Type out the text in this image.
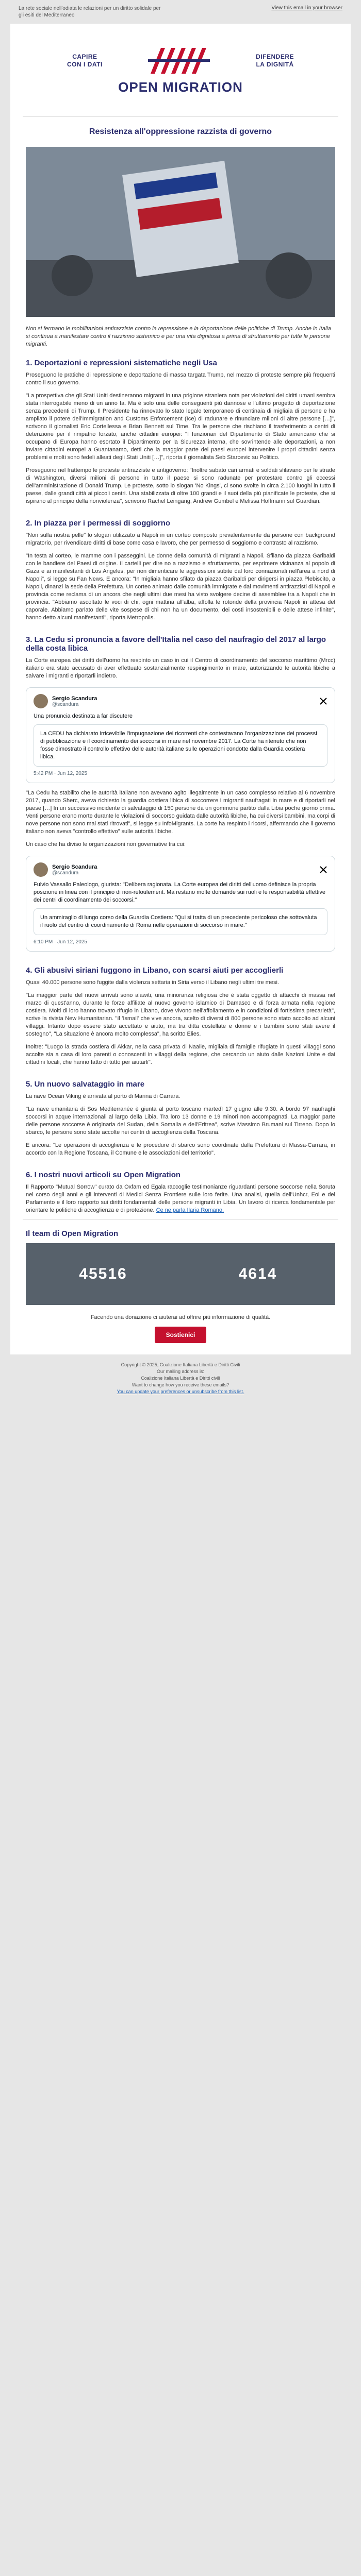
La rete sociale nell'odiata le relazioni per un diritto solidale per gli esiti del Mediterraneo
View this email in your browser
CAPIRE
CON I DATI
DIFENDERE
LA DIGNITÀ
OPEN MIGRATION
Resistenza all'oppressione razzista di governo
Non si fermano le mobilitazioni antirazziste contro la repressione e la deportazione delle politiche di Trump. Anche in Italia si continua a manifestare contro il razzismo sistemico e per una vita dignitosa a prima di sfruttamento per tutte le persone migranti.
1. Deportazioni e repressioni sistematiche negli Usa
Proseguono le pratiche di repressione e deportazione di massa targata Trump, nel mezzo di proteste sempre più frequenti contro il suo governo.
"La prospettiva che gli Stati Uniti destineranno migranti in una prigione straniera nota per violazioni dei diritti umani sembra stata interrogabile meno di un anno fa. Ma è solo una delle conseguenti più dannose e l'ultimo progetto di deportazione senza precedenti di Trump. Il Presidente ha rinnovato lo stato legale temporaneo di centinaia di migliaia di persone e ha ampliato il potere dell'Immigration and Customs Enforcement (Ice) di radunare e rinunciare milioni di altre persone […]", scrivono il giornalisti Eric Cortellessa e Brian Bennett sul Time. Tra le persone che rischiano il trasferimento a centri di detenzione per il rimpatrio forzato, anche cittadini europei: "I funzionari del Dipartimento di Stato americano che si occupano di Europa hanno esortato il Dipartimento per la Sicurezza interna, che sovrintende alle deportazioni, a non inviare cittadini europei a Guantanamo, detti che la maggior parte dei paesi europei intervenire i propri cittadini senza problemi e molti sono fedeli alleati degli Stati Uniti […]", riporta il giornalista Seb Starcevic su Politico.
Proseguono nel frattempo le proteste antirazziste e antigoverno: "Inoltre sabato cari armati e soldati sfilavano per le strade di Washington, diversi milioni di persone in tutto il paese si sono radunate per protestare contro gli eccessi dell'amministrazione di Donald Trump. Le proteste, sotto lo slogan 'No Kings', ci sono svolte in circa 2.100 luoghi in tutto il paese, dalle grandi città ai piccoli centri. Una stabilizzata di oltre 100 grandi e il suoi della più pianificate le proteste, che si ispirano al principio della nonviolenza", scrivono Rachel Leingang, Andrew Gumbel e Melissa Hoffmann sul Guardian.
2. In piazza per i permessi di soggiorno
"Non sulla nostra pelle" lo slogan utilizzato a Napoli in un corteo composto prevalentemente da persone con background migratorio, per rivendicare diritti di base come casa e lavoro, che per permesso di soggiorno e contrasto al razzismo.
"In testa al corteo, le mamme con i passeggini. Le donne della comunità di migranti a Napoli. Sfilano da piazza Garibaldi con le bandiere del Paesi di origine. Il cartelli per dire no a razzismo e sfruttamento, per esprimere vicinanza al popolo di Gaza e ai manifestanti di Los Angeles, per non dimenticare le aggressioni subite dal loro connazionali nell'area a nord di Napoli", si legge su Fan News. E ancora: "In migliaia hanno sfilato da piazza Garibaldi per dirigersi in piazza Plebiscito, a Napoli, dinanzi la sede della Prefettura. Un corteo animato dalle comunità immigrate e dai movimenti antirazzisti di Napoli e provincia come reclama di un ancora che negli ultimi due mesi ha visto svolgere decine di assemblee tra a Napoli che in provincia. "Abbiamo ascoltato le voci di chi, ogni mattina all'alba, affolla le rotonde della provincia Napoli in attesa del caporale. Abbiamo parlato delle vite sospese di chi non ha un documento, dei costi insostenibili e delle attese infinite", hanno detto alcuni manifestanti", riporta Metropolis.
3. La Cedu si pronuncia a favore dell'Italia nel caso del naufragio del 2017 al largo della costa libica
La Corte europea dei diritti dell'uomo ha respinto un caso in cui il Centro di coordinamento del soccorso marittimo (Mrcc) italiano era stato accusato di aver effettuato sostanzialmente respingimento in mare, autorizzando le autorità libiche a salvare i migranti e riportarli indietro.
Sergio Scandura
@scandura
Una pronuncia destinata a far discutere
La CEDU ha dichiarato irricevibile l'impugnazione dei ricorrenti che contestavano l'organizzazione dei processi di pubblicazione e il coordinamento dei soccorsi in mare nel novembre 2017. La Corte ha ritenuto che non fosse dimostrato il controllo effettivo delle autorità italiane sulle operazioni condotte dalla Guardia costiera libica.
5:42 PM · Jun 12, 2025
"La Cedu ha stabilito che le autorità italiane non avevano agito illegalmente in un caso complesso relativo al 6 novembre 2017, quando Sherc, aveva richiesto la guardia costiera libica di soccorrere i migranti naufragati in mare e di riportarli nel paese […] In un successivo incidente di salvataggio di 150 persone da un gommone partito dalla Libia poche giorno prima. Venti persone erano morte durante le violazioni di soccorso guidata dalle autorità libiche, ha cui diversi bambini, ma corpi di nove persone non sono mai stati ritrovati", si legge su InfoMigrants. La corte ha respinto i ricorsi, affermando che il governo italiano non aveva "controllo effettivo" sulle autorità libiche.
Un caso che ha diviso le organizzazioni non governative tra cui:
Sergio Scandura
@scandura
Fulvio Vassallo Paleologo, giurista: "Delibera ragionata. La Corte europea dei diritti dell'uomo definisce la propria posizione in linea con il principio di non-refoulement. Ma restano molte domande sui ruoli e le responsabilità effettive dei centri di coordinamento dei soccorsi."
Un ammiraglio di lungo corso della Guardia Costiera: "Qui si tratta di un precedente pericoloso che sottovaluta il ruolo del centro di coordinamento di Roma nelle operazioni di soccorso in mare."
6:10 PM · Jun 12, 2025
4. Gli abusivi siriani fuggono in Libano, con scarsi aiuti per accoglierli
Quasi 40.000 persone sono fuggite dalla violenza settaria in Siria verso il Libano negli ultimi tre mesi.
"La maggior parte del nuovi arrivati sono alawiti, una minoranza religiosa che è stata oggetto di attacchi di massa nel marzo di quest'anno, durante le forze affiliate al nuovo governo islamico di Damasco e di forza armata nella regione costiera. Molti di loro hanno trovato rifugio in Libano, dove vivono nell'affollamento e in condizioni di fortissima precarietà", scrive la rivista New Humanitarian. "Il 'Ismail' che vive ancora, scelto di diversi di 800 persone sono stato accolto ad alcuni villaggi. Intanto dopo essere stato accettato e aiuto, ma tra ditta costellate e donne e i bambini sono stati avere il sostegno", "La situazione è ancora molto complessa", ha scritto Elies.
Inoltre: "Luogo la strada costiera di Akkar, nella casa privata di Naalle, migliaia di famiglie rifugiate in questi villaggi sono accolte sia a casa di loro parenti o conoscenti in villaggi della regione, che cercando un aiuto dalle Nazioni Unite e dai cittadini locali, che hanno fatto di tutto per aiutarli".
5. Un nuovo salvataggio in mare
La nave Ocean Viking è arrivata al porto di Marina di Carrara.
"La nave umanitaria di Sos Mediterranée è giunta al porto toscano martedì 17 giugno alle 9.30. A bordo 97 naufraghi soccorsi in acque internazionali al largo della Libia. Tra loro 13 donne e 19 minori non accompagnati. La maggior parte delle persone soccorse è originaria del Sudan, della Somalia e dell'Eritrea", scrive Massimo Brumani sul Tirreno. Dopo lo sbarco, le persone sono state accolte nei centri di accoglienza della Toscana.
E ancora: "Le operazioni di accoglienza e le procedure di sbarco sono coordinate dalla Prefettura di Massa-Carrara, in accordo con la Regione Toscana, il Comune e le associazioni del territorio".
6. I nostri nuovi articoli su Open Migration
Il Rapporto "Mutual Sorrow" curato da Oxfam ed Egala raccoglie testimonianze riguardanti persone soccorse nella Soruta nel corso degli anni e gli interventi di Medici Senza Frontiere sulle loro ferite. Una analisi, quella dell'Unhcr, Eoi e del Parlamento e il loro rapporto sui diritti fondamentali delle persone migranti in Libia. Un lavoro di ricerca fondamentale per orientare le politiche di accoglienza e di protezione. Ce ne parla Ilaria Romano.
Il team di Open Migration
45516	4614
Facendo una donazione ci aiuterai ad offrire più informazione di qualità.
Sostienici
Copyright © 2025, Coalizione Italiana Libertà e Diritti Civili
Our mailing address is:
Coalizione Italiana Libertà e Diritti civili
Want to change how you receive these emails?
You can update your preferences or unsubscribe from this list.
